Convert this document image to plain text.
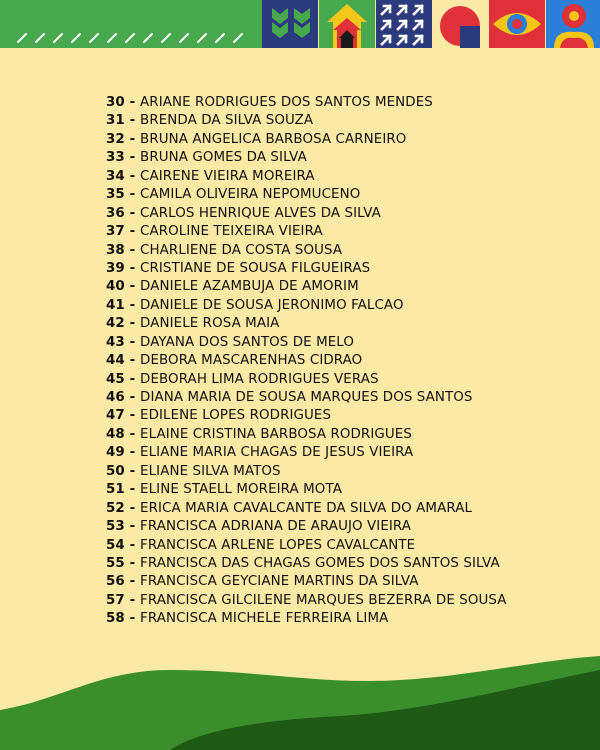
30 - ARIANE RODRIGUES DOS SANTOS MENDES
31 - BRENDA DA SILVA SOUZA
32 - BRUNA ANGELICA BARBOSA CARNEIRO
33 - BRUNA GOMES DA SILVA
34 - CAIRENE VIEIRA MOREIRA
35 - CAMILA OLIVEIRA NEPOMUCENO
36 - CARLOS HENRIQUE ALVES DA SILVA
37 - CAROLINE TEIXEIRA VIEIRA
38 - CHARLIENE DA COSTA SOUSA
39 - CRISTIANE DE SOUSA FILGUEIRAS
40 - DANIELE AZAMBUJA DE AMORIM
41 - DANIELE DE SOUSA JERONIMO FALCAO
42 - DANIELE ROSA MAIA
43 - DAYANA DOS SANTOS DE MELO
44 - DEBORA MASCARENHAS CIDRAO
45 - DEBORAH LIMA RODRIGUES VERAS
46 - DIANA MARIA DE SOUSA MARQUES DOS SANTOS
47 - EDILENE LOPES RODRIGUES
48 - ELAINE CRISTINA BARBOSA RODRIGUES
49 - ELIANE MARIA CHAGAS DE JESUS VIEIRA
50 - ELIANE SILVA MATOS
51 - ELINE STAELL MOREIRA MOTA
52 - ERICA MARIA CAVALCANTE DA SILVA DO AMARAL
53 - FRANCISCA ADRIANA DE ARAUJO VIEIRA
54 - FRANCISCA ARLENE LOPES CAVALCANTE
55 - FRANCISCA DAS CHAGAS GOMES DOS SANTOS SILVA
56 - FRANCISCA GEYCIANE MARTINS DA SILVA
57 - FRANCISCA GILCILENE MARQUES BEZERRA DE SOUSA
58 - FRANCISCA MICHELE FERREIRA LIMA
